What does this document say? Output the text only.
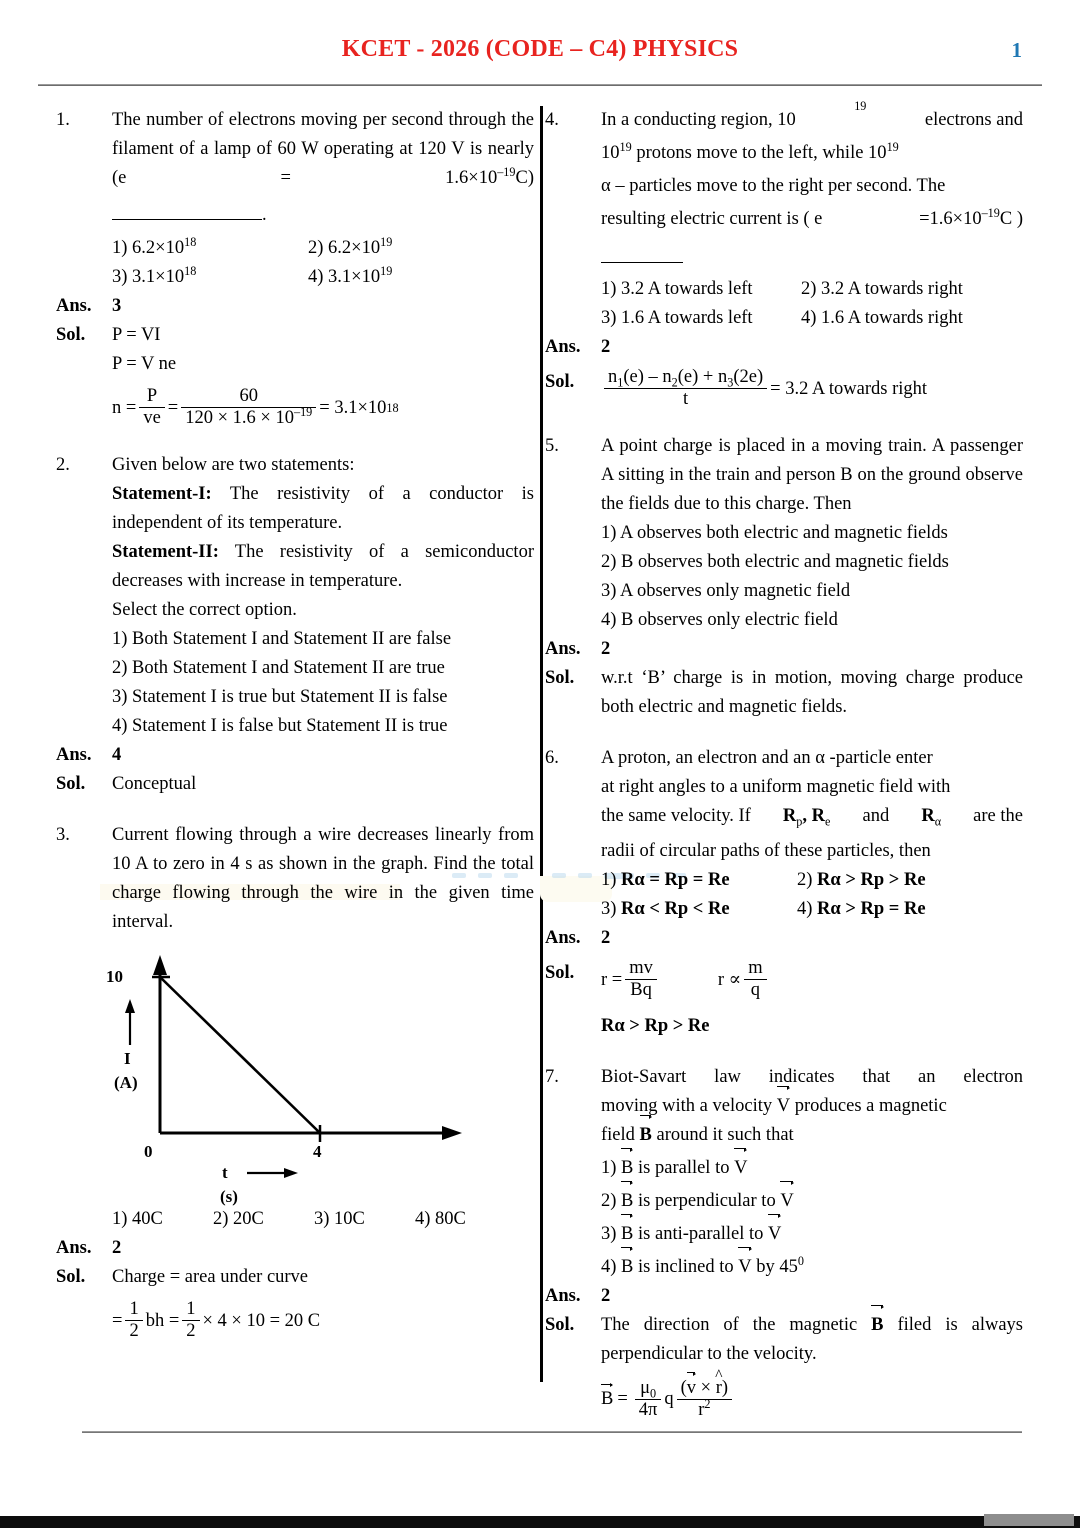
KCET - 2026 (CODE – C4) PHYSICS	1
1.	The number of electrons moving per second through the filament of a lamp of 60 W operating at 120 V is nearly (e	=	$1.6\times 10^{-19}C$)
.
1) $6.2\times 10^{18}$	2) $6.2\times 10^{19}$
3) $3.1\times 10^{18}$	4) $3.1\times 10^{19}$
Ans.	3
Sol.	P = VI
P = V ne
$n = \frac{P}{ve} = \frac{60}{120 \times 1.6 \times 10^{-19}}$ =
3.1 × 10 18
2.	Given below are two statements:
Statement-I: The resistivity of a conductor is independent of its temperature.
Statement-II: The resistivity of a semiconductor decreases with increase in temperature.
Select the correct option.
1) Both Statement I and Statement II are false
2) Both Statement I and Statement II are true
3) Statement I is true but Statement II is false
4) Statement I is false but Statement II is true
Ans.	4
Sol.	Conceptual
3.	Current flowing through a wire decreases linearly from 10 A to zero in 4 s as shown in the graph. Find the total charge flowing through the wire in the given time interval.
10
I
(A)
0	4
t
(s)
1) 40C	2) 20C	3) 10C	4) 80C
Ans.	2
Sol.	Charge = area under curve
= $\frac{1}{2}$ bh = $\frac{1}{2} \times 4 \times 10 = 20$ C
4.	In a conducting region, 10
19
electrons and
$10^{19}$ protons move to the left, while $10^{19}$
α – particles move to the right per second. The
resulting electric current is ( e	$=1.6\times 10^{-19}C$ )
1) 3.2 A towards left	2) 3.2 A towards right
3) 1.6 A towards left	4) 1.6 A towards right
Ans.	2
Sol.	$\frac{n_1(e) - n_2(e) + n_3(2e)}{t} = 3.2$ A towards right
5.	A point charge is placed in a moving train. A passenger A sitting in the train and person B on the ground observe the fields due to this charge. Then
1) A observes both electric and magnetic fields
2) B observes both electric and magnetic fields
3) A observes only magnetic field
4) B observes only electric field
Ans.	2
Sol.	w.r.t ‘B’ charge is in motion, moving charge produce both electric and magnetic fields.
6.	A proton, an electron and an α -particle enter
at right angles to a uniform magnetic field with
the same velocity. If $R_p$, $R_e$ and $R_\alpha$ are the
radii of circular paths of these particles, then
1) Rα = Rp = Re	2) Rα > Rp > Re
3) Rα < Rp < Re	4) Rα > Rp = Re
Ans.	2
Sol.	$r = \frac{mv}{Bq}$	$r \propto \frac{m}{q}$
Rα > Rp > Re
7.	Biot-Savart law indicates that an electron
moving with a velocity V produces a magnetic
field B around it such that
1) B is parallel to V
2) B is perpendicular to V
3) B is anti-parallel to V
4) B is inclined to V by $45^0$
Ans.	2
Sol.	The direction of the magnetic B filed is always perpendicular to the velocity.
$B = \frac{\mu_0}{4\pi}$ q $\frac{(v \times r \^{})}{r^2}$
